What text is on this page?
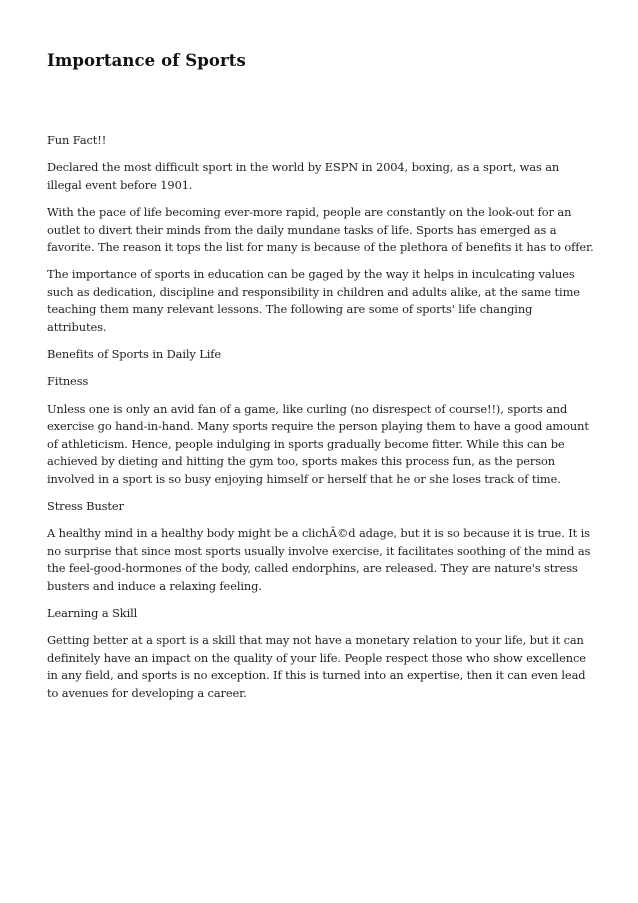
Importance of Sports

Fun Fact!!

Declared the most difficult sport in the world by ESPN in 2004, boxing, as a sport, was an illegal event before 1901.

With the pace of life becoming ever-more rapid, people are constantly on the look-out for an outlet to divert their minds from the daily mundane tasks of life. Sports has emerged as a favorite. The reason it tops the list for many is because of the plethora of benefits it has to offer.

The importance of sports in education can be gaged by the way it helps in inculcating values such as dedication, discipline and responsibility in children and adults alike, at the same time teaching them many relevant lessons. The following are some of sports' life changing attributes.

Benefits of Sports in Daily Life

Fitness

Unless one is only an avid fan of a game, like curling (no disrespect of course!!), sports and exercise go hand-in-hand. Many sports require the person playing them to have a good amount of athleticism. Hence, people indulging in sports gradually become fitter. While this can be achieved by dieting and hitting the gym too, sports makes this process fun, as the person involved in a sport is so busy enjoying himself or herself that he or she loses track of time.

Stress Buster

A healthy mind in a healthy body might be a clichÃ©d adage, but it is so because it is true. It is no surprise that since most sports usually involve exercise, it facilitates soothing of the mind as the feel-good-hormones of the body, called endorphins, are released. They are nature's stress busters and induce a relaxing feeling.

Learning a Skill

Getting better at a sport is a skill that may not have a monetary relation to your life, but it can definitely have an impact on the quality of your life. People respect those who show excellence in any field, and sports is no exception. If this is turned into an expertise, then it can even lead to avenues for developing a career.
